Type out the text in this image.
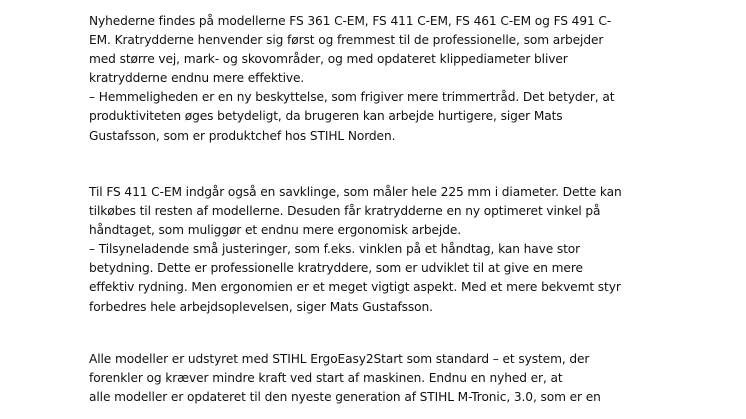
Nyhederne findes på modellerne FS 361 C-EM, FS 411 C-EM, FS 461 C-EM og FS 491 C-
EM. Kratrydderne henvender sig først og fremmest til de professionelle, som arbejder
med større vej, mark- og skovområder, og med opdateret klippediameter bliver
kratrydderne endnu mere effektive.
– Hemmeligheden er en ny beskyttelse, som frigiver mere trimmertråd. Det betyder, at
produktiviteten øges betydeligt, da brugeren kan arbejde hurtigere, siger Mats
Gustafsson, som er produktchef hos STIHL Norden.
Til FS 411 C-EM indgår også en savklinge, som måler hele 225 mm i diameter. Dette kan
tilkøbes til resten af modellerne. Desuden får kratrydderne en ny optimeret vinkel på
håndtaget, som muliggør et endnu mere ergonomisk arbejde.
– Tilsyneladende små justeringer, som f.eks. vinklen på et håndtag, kan have stor
betydning. Dette er professionelle kratryddere, som er udviklet til at give en mere
effektiv rydning. Men ergonomien er et meget vigtigt aspekt. Med et mere bekvemt styr
forbedres hele arbejdsoplevelsen, siger Mats Gustafsson.
Alle modeller er udstyret med STIHL ErgoEasy2Start som standard – et system, der
forenkler og kræver mindre kraft ved start af maskinen. Endnu en nyhed er, at
alle modeller er opdateret til den nyeste generation af STIHL M-Tronic, 3.0, som er en
